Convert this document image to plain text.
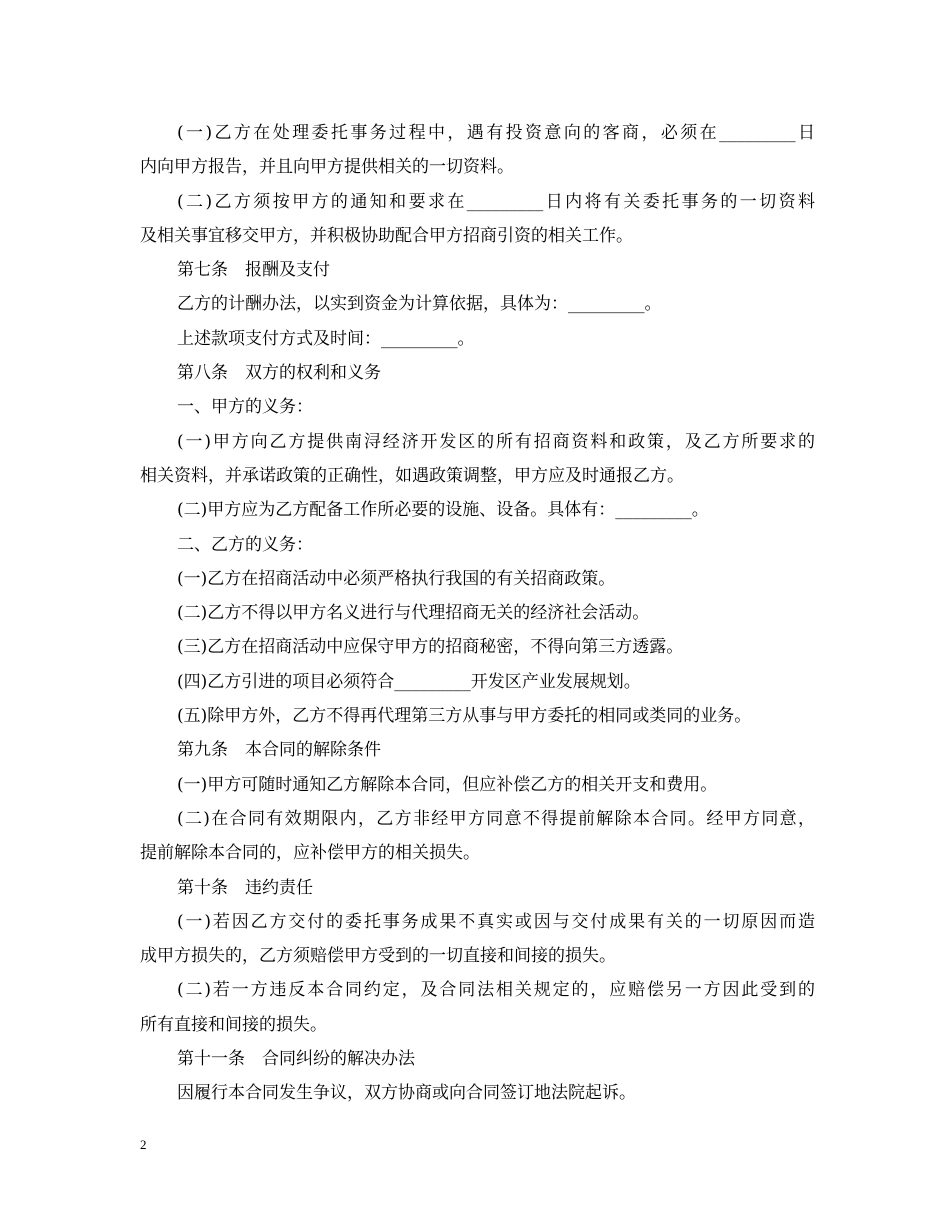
(一)乙方在处理委托事务过程中，遇有投资意向的客商，必须在_________日
内向甲方报告，并且向甲方提供相关的一切资料。
(二)乙方须按甲方的通知和要求在_________日内将有关委托事务的一切资料
及相关事宜移交甲方，并积极协助配合甲方招商引资的相关工作。
第七条　报酬及支付
乙方的计酬办法，以实到资金为计算依据，具体为：_________。
上述款项支付方式及时间：_________。
第八条　双方的权利和义务
一、甲方的义务：
(一)甲方向乙方提供南浔经济开发区的所有招商资料和政策，及乙方所要求的
相关资料，并承诺政策的正确性，如遇政策调整，甲方应及时通报乙方。
(二)甲方应为乙方配备工作所必要的设施、设备。具体有：_________。
二、乙方的义务：
(一)乙方在招商活动中必须严格执行我国的有关招商政策。
(二)乙方不得以甲方名义进行与代理招商无关的经济社会活动。
(三)乙方在招商活动中应保守甲方的招商秘密，不得向第三方透露。
(四)乙方引进的项目必须符合_________开发区产业发展规划。
(五)除甲方外，乙方不得再代理第三方从事与甲方委托的相同或类同的业务。
第九条　本合同的解除条件
(一)甲方可随时通知乙方解除本合同，但应补偿乙方的相关开支和费用。
(二)在合同有效期限内，乙方非经甲方同意不得提前解除本合同。经甲方同意，
提前解除本合同的，应补偿甲方的相关损失。
第十条　违约责任
(一)若因乙方交付的委托事务成果不真实或因与交付成果有关的一切原因而造
成甲方损失的，乙方须赔偿甲方受到的一切直接和间接的损失。
(二)若一方违反本合同约定，及合同法相关规定的，应赔偿另一方因此受到的
所有直接和间接的损失。
第十一条　合同纠纷的解决办法
因履行本合同发生争议，双方协商或向合同签订地法院起诉。
2
